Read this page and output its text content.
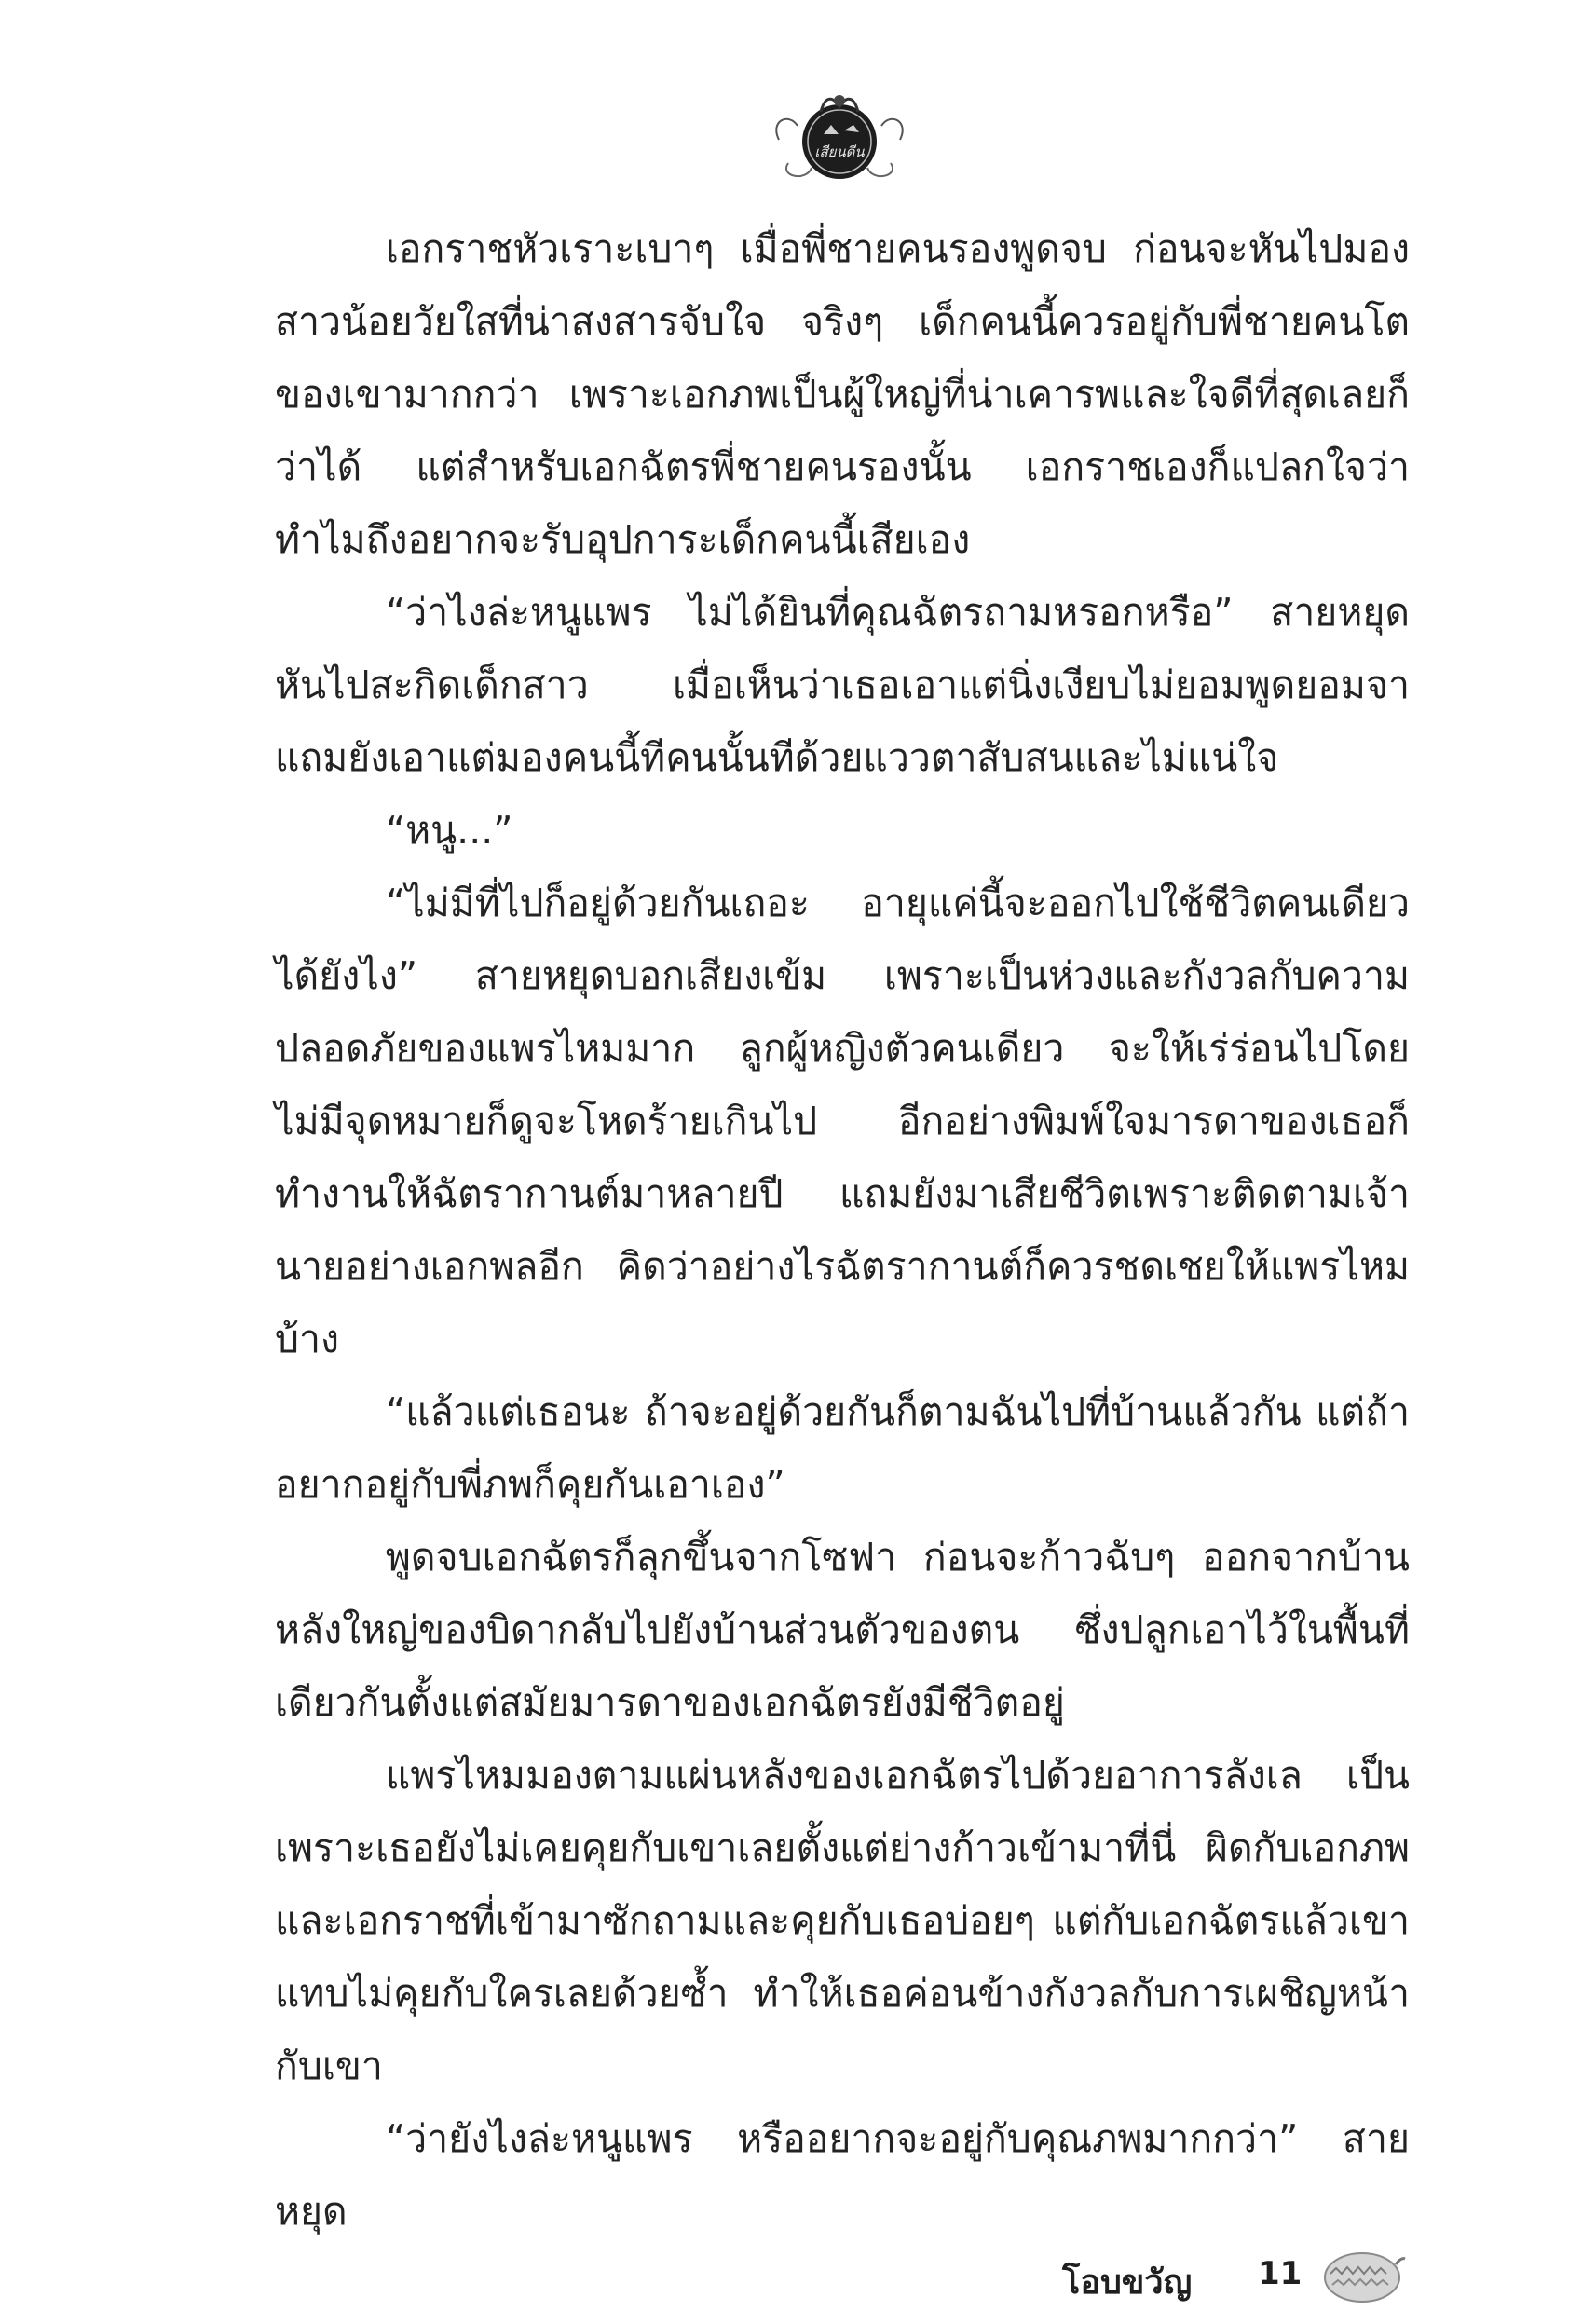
เสียนดีน

เอกราชหัวเราะเบาๆ เมื่อพี่ชายคนรองพูดจบ ก่อนจะหันไปมองสาวน้อยวัยใสที่น่าสงสารจับใจ จริงๆ เด็กคนนี้ควรอยู่กับพี่ชายคนโตของเขามากกว่า เพราะเอกภพเป็นผู้ใหญ่ที่น่าเคารพและใจดีที่สุดเลยก็ว่าได้ แต่สำหรับเอกฉัตรพี่ชายคนรองนั้น เอกราชเองก็แปลกใจว่าทำไมถึงอยากจะรับอุปการะเด็กคนนี้เสียเอง

“ว่าไงล่ะหนูแพร ไม่ได้ยินที่คุณฉัตรถามหรอกหรือ” สายหยุดหันไปสะกิดเด็กสาว เมื่อเห็นว่าเธอเอาแต่นิ่งเงียบไม่ยอมพูดยอมจาแถมยังเอาแต่มองคนนี้ทีคนนั้นทีด้วยแววตาสับสนและไม่แน่ใจ

“หนู...”

“ไม่มีที่ไปก็อยู่ด้วยกันเถอะ อายุแค่นี้จะออกไปใช้ชีวิตคนเดียวได้ยังไง” สายหยุดบอกเสียงเข้ม เพราะเป็นห่วงและกังวลกับความปลอดภัยของแพรไหมมาก ลูกผู้หญิงตัวคนเดียว จะให้เร่ร่อนไปโดยไม่มีจุดหมายก็ดูจะโหดร้ายเกินไป อีกอย่างพิมพ์ใจมารดาของเธอก็ทำงานให้ฉัตรากานต์มาหลายปี แถมยังมาเสียชีวิตเพราะติดตามเจ้านายอย่างเอกพลอีก คิดว่าอย่างไรฉัตรากานต์ก็ควรชดเชยให้แพรไหมบ้าง

“แล้วแต่เธอนะ ถ้าจะอยู่ด้วยกันก็ตามฉันไปที่บ้านแล้วกัน แต่ถ้าอยากอยู่กับพี่ภพก็คุยกันเอาเอง”

พูดจบเอกฉัตรก็ลุกขึ้นจากโซฟา ก่อนจะก้าวฉับๆ ออกจากบ้านหลังใหญ่ของบิดากลับไปยังบ้านส่วนตัวของตน ซึ่งปลูกเอาไว้ในพื้นที่เดียวกันตั้งแต่สมัยมารดาของเอกฉัตรยังมีชีวิตอยู่

แพรไหมมองตามแผ่นหลังของเอกฉัตรไปด้วยอาการลังเล เป็นเพราะเธอยังไม่เคยคุยกับเขาเลยตั้งแต่ย่างก้าวเข้ามาที่นี่ ผิดกับเอกภพและเอกราชที่เข้ามาซักถามและคุยกับเธอบ่อยๆ แต่กับเอกฉัตรแล้วเขาแทบไม่คุยกับใครเลยด้วยซ้ำ ทำให้เธอค่อนข้างกังวลกับการเผชิญหน้ากับเขา

“ว่ายังไงล่ะหนูแพร หรืออยากจะอยู่กับคุณภพมากกว่า” สายหยุด

โอบขวัญ 11
